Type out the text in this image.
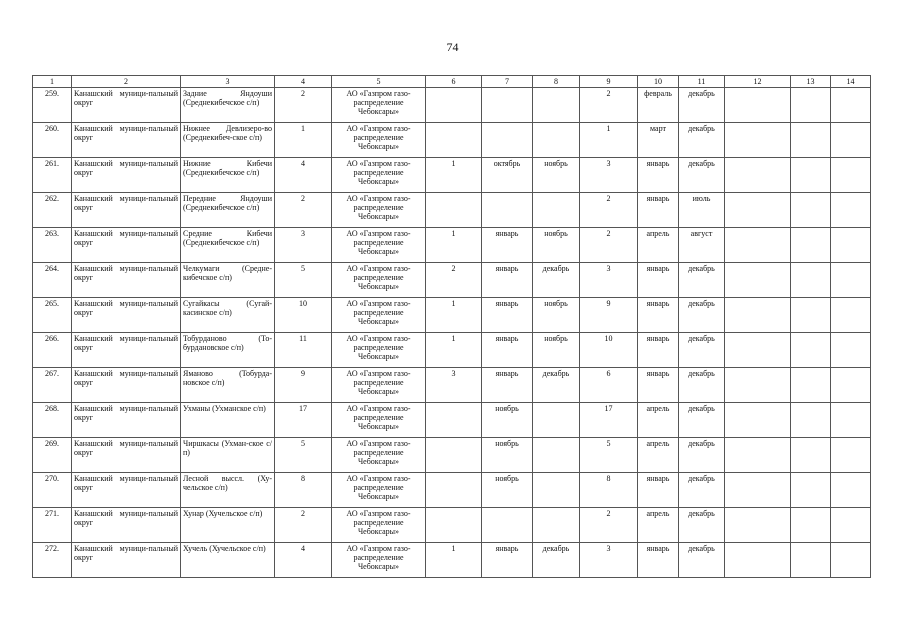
74
1	2	3	4	5	6	7	8	9	10	11	12	13	14
259.	Канашский муници-пальный округ	Задние Яндоуши (Среднекибечское с/п)	2	АО «Газпром газо-распределение Чебоксары»				2	февраль	декабрь			
260.	Канашский муници-пальный округ	Нижнее Девлизеро-во (Среднекибеч-ское с/п)	1	АО «Газпром газо-распределение Чебоксары»				1	март	декабрь			
261.	Канашский муници-пальный округ	Нижние Кибечи (Среднекибечское с/п)	4	АО «Газпром газо-распределение Чебоксары»	1	октябрь	ноябрь	3	январь	декабрь			
262.	Канашский муници-пальный округ	Передние Яндоуши (Среднекибечское с/п)	2	АО «Газпром газо-распределение Чебоксары»				2	январь	июль			
263.	Канашский муници-пальный округ	Средние Кибечи (Среднекибечское с/п)	3	АО «Газпром газо-распределение Чебоксары»	1	январь	ноябрь	2	апрель	август			
264.	Канашский муници-пальный округ	Челкумаги (Средне-кибечское с/п)	5	АО «Газпром газо-распределение Чебоксары»	2	январь	декабрь	3	январь	декабрь			
265.	Канашский муници-пальный округ	Сугайкасы (Сугай-касинское с/п)	10	АО «Газпром газо-распределение Чебоксары»	1	январь	ноябрь	9	январь	декабрь			
266.	Канашский муници-пальный округ	Тобурданово (То-бурдановское с/п)	11	АО «Газпром газо-распределение Чебоксары»	1	январь	ноябрь	10	январь	декабрь			
267.	Канашский муници-пальный округ	Яманово (Тобурда-новское с/п)	9	АО «Газпром газо-распределение Чебоксары»	3	январь	декабрь	6	январь	декабрь			
268.	Канашский муници-пальный округ	Ухманы (Ухманское с/п)	17	АО «Газпром газо-распределение Чебоксары»		ноябрь		17	апрель	декабрь			
269.	Канашский муници-пальный округ	Чиршкасы (Ухман-ское с/п)	5	АО «Газпром газо-распределение Чебоксары»		ноябрь		5	апрель	декабрь			
270.	Канашский муници-пальный округ	Лесной выссл. (Ху-чельское с/п)	8	АО «Газпром газо-распределение Чебоксары»		ноябрь		8	январь	декабрь			
271.	Канашский муници-пальный округ	Хунар (Хучельское с/п)	2	АО «Газпром газо-распределение Чебоксары»				2	апрель	декабрь			
272.	Канашский муници-пальный округ	Хучель (Хучельское с/п)	4	АО «Газпром газо-распределение Чебоксары»	1	январь	декабрь	3	январь	декабрь			
